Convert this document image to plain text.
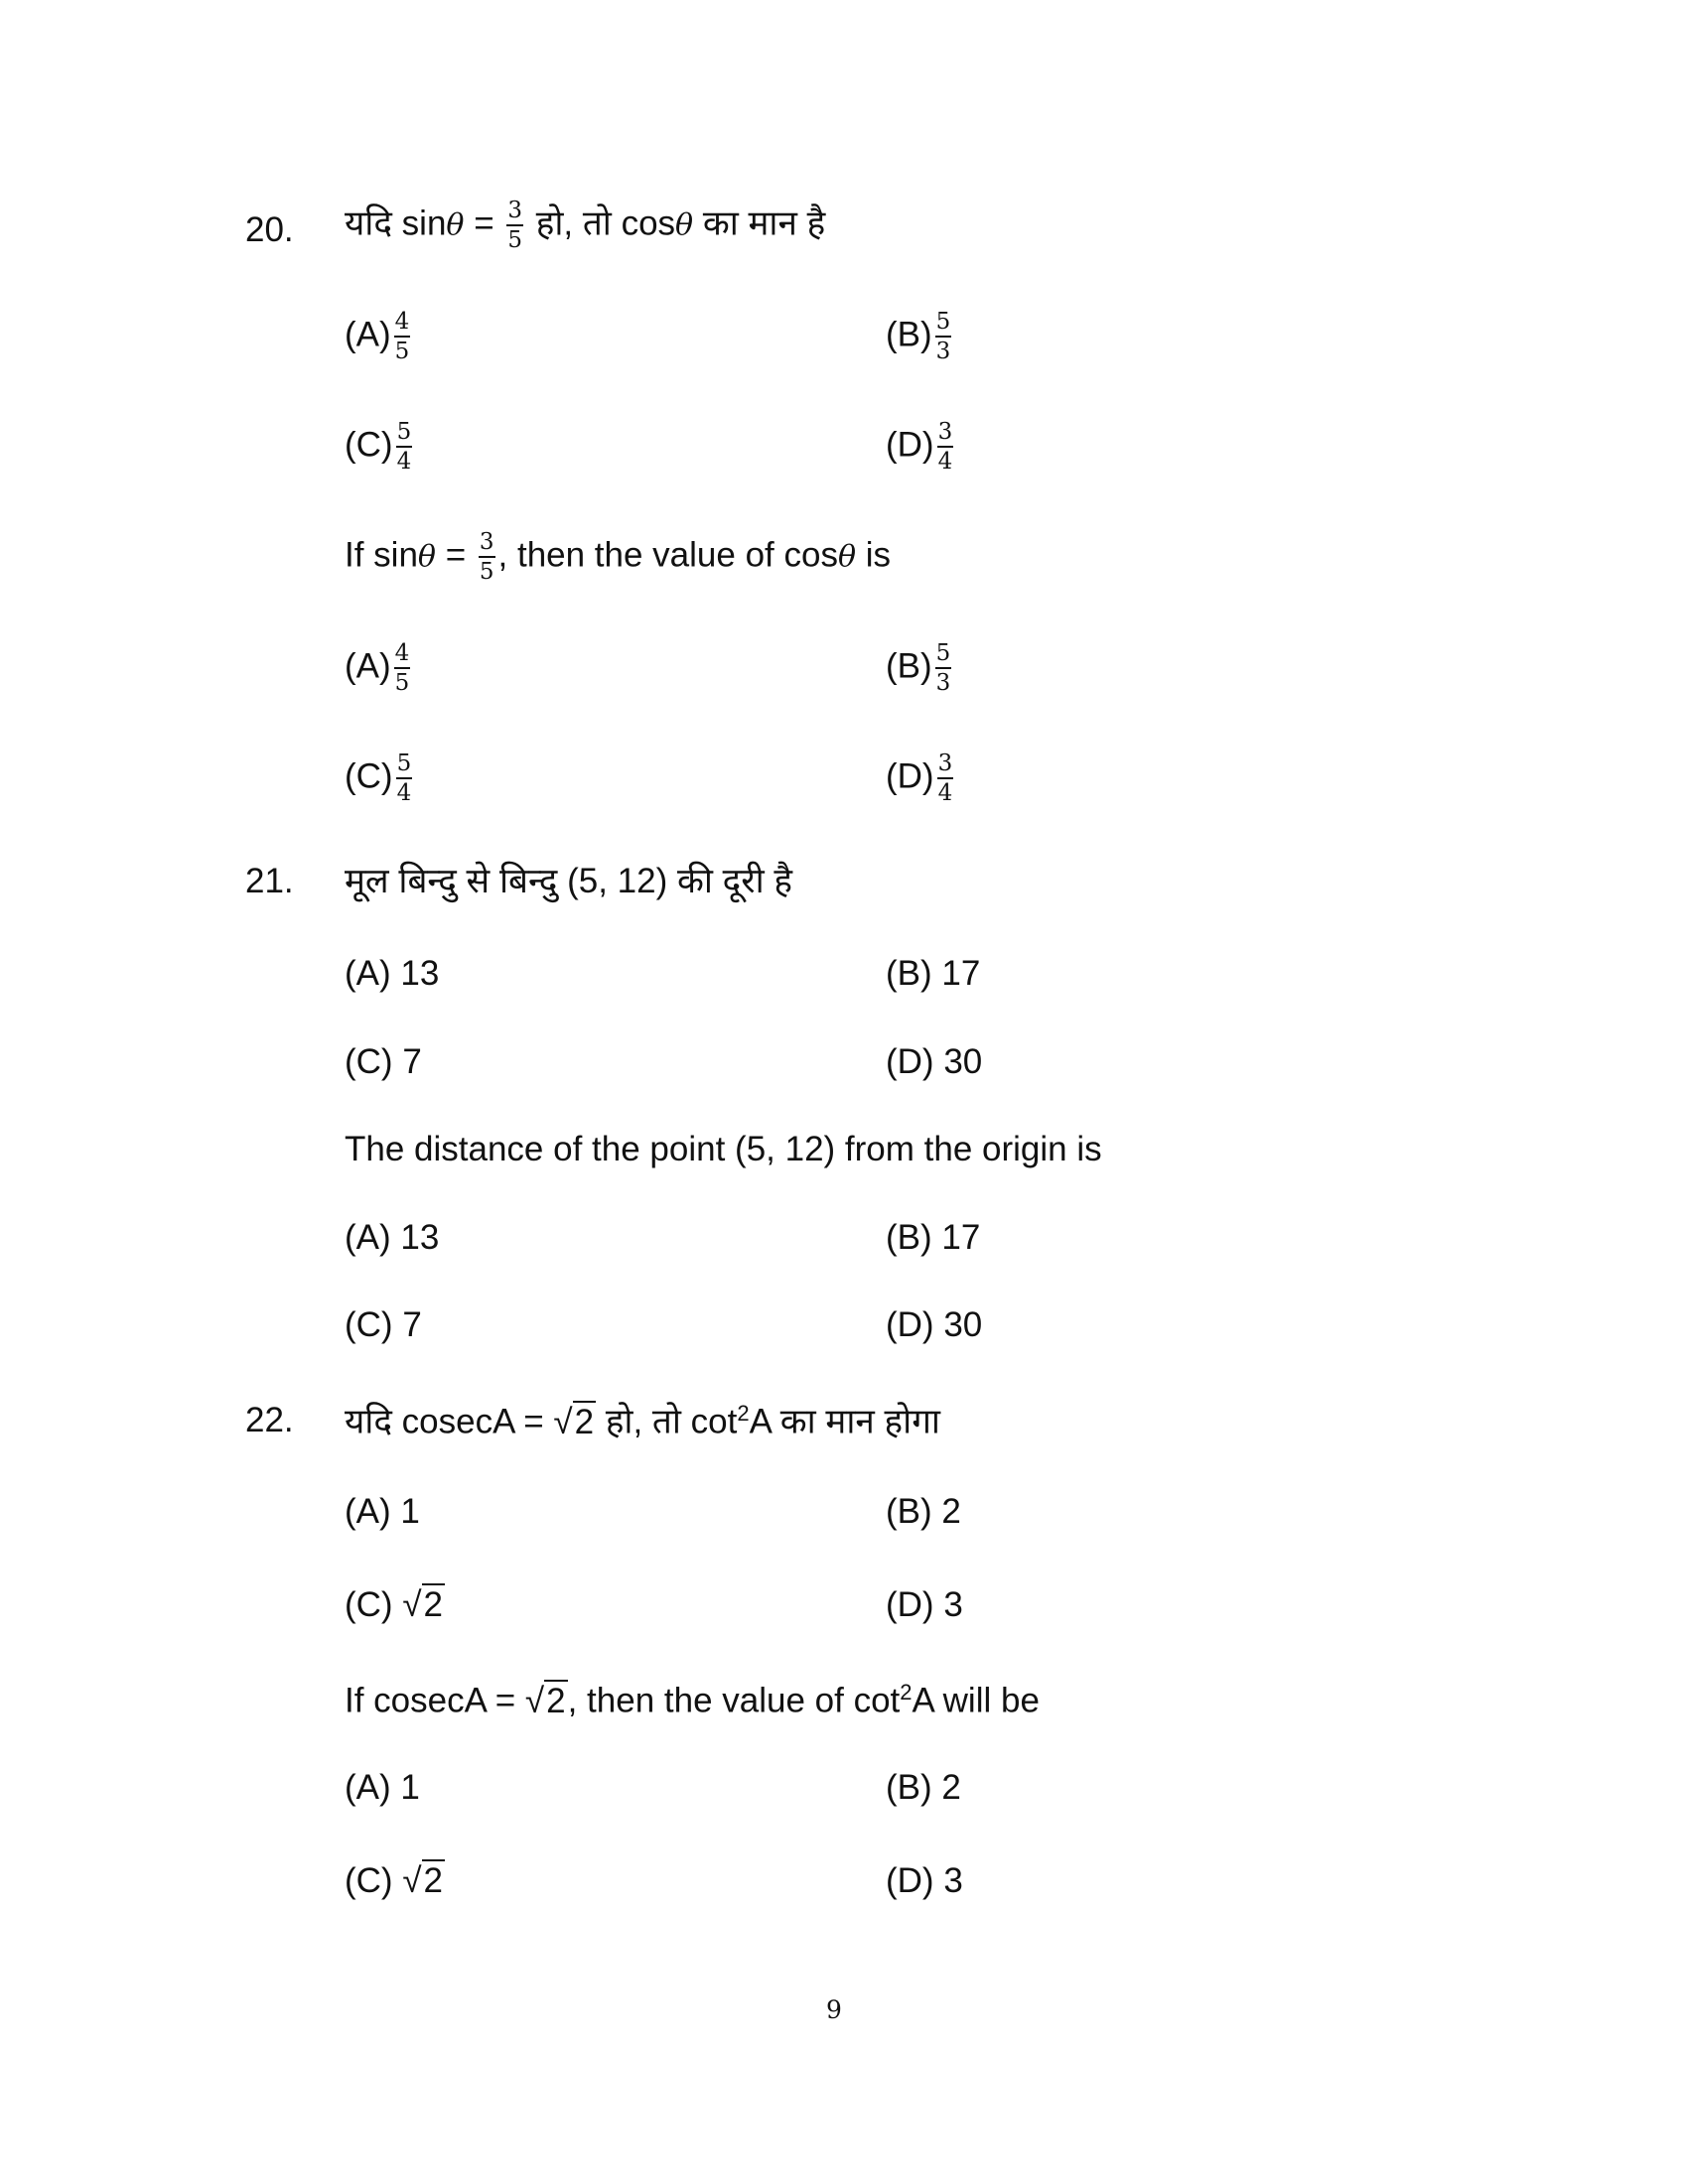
20. यदि $\sin\theta = \frac{3}{5}$ हो, तो cosθ का मान है
$(A) \frac{4}{5}$	$(B) \frac{5}{3}$
$(C) \frac{5}{4}$	$(D) \frac{3}{4}$
If $\sin\theta = \frac{3}{5}$ , then the value of cosθ is
$(A) \frac{4}{5}$	$(B) \frac{5}{3}$
$(C) \frac{5}{4}$	$(D) \frac{3}{4}$
21. मूल बिन्दु से बिन्दु (5, 12) की दूरी है
(A) 13	(B) 17
(C) 7	(D) 30
The distance of the point (5, 12) from the origin is
(A) 13	(B) 17
(C) 7	(D) 30
22. यदि cosecA = √2 हो, तो $\cot^2A$ का मान होगा
(A) 1	(B) 2
(C) √2	(D) 3
If cosecA = √2, then the value of $\cot^2A$ will be
(A) 1	(B) 2
(C) √2	(D) 3
9
